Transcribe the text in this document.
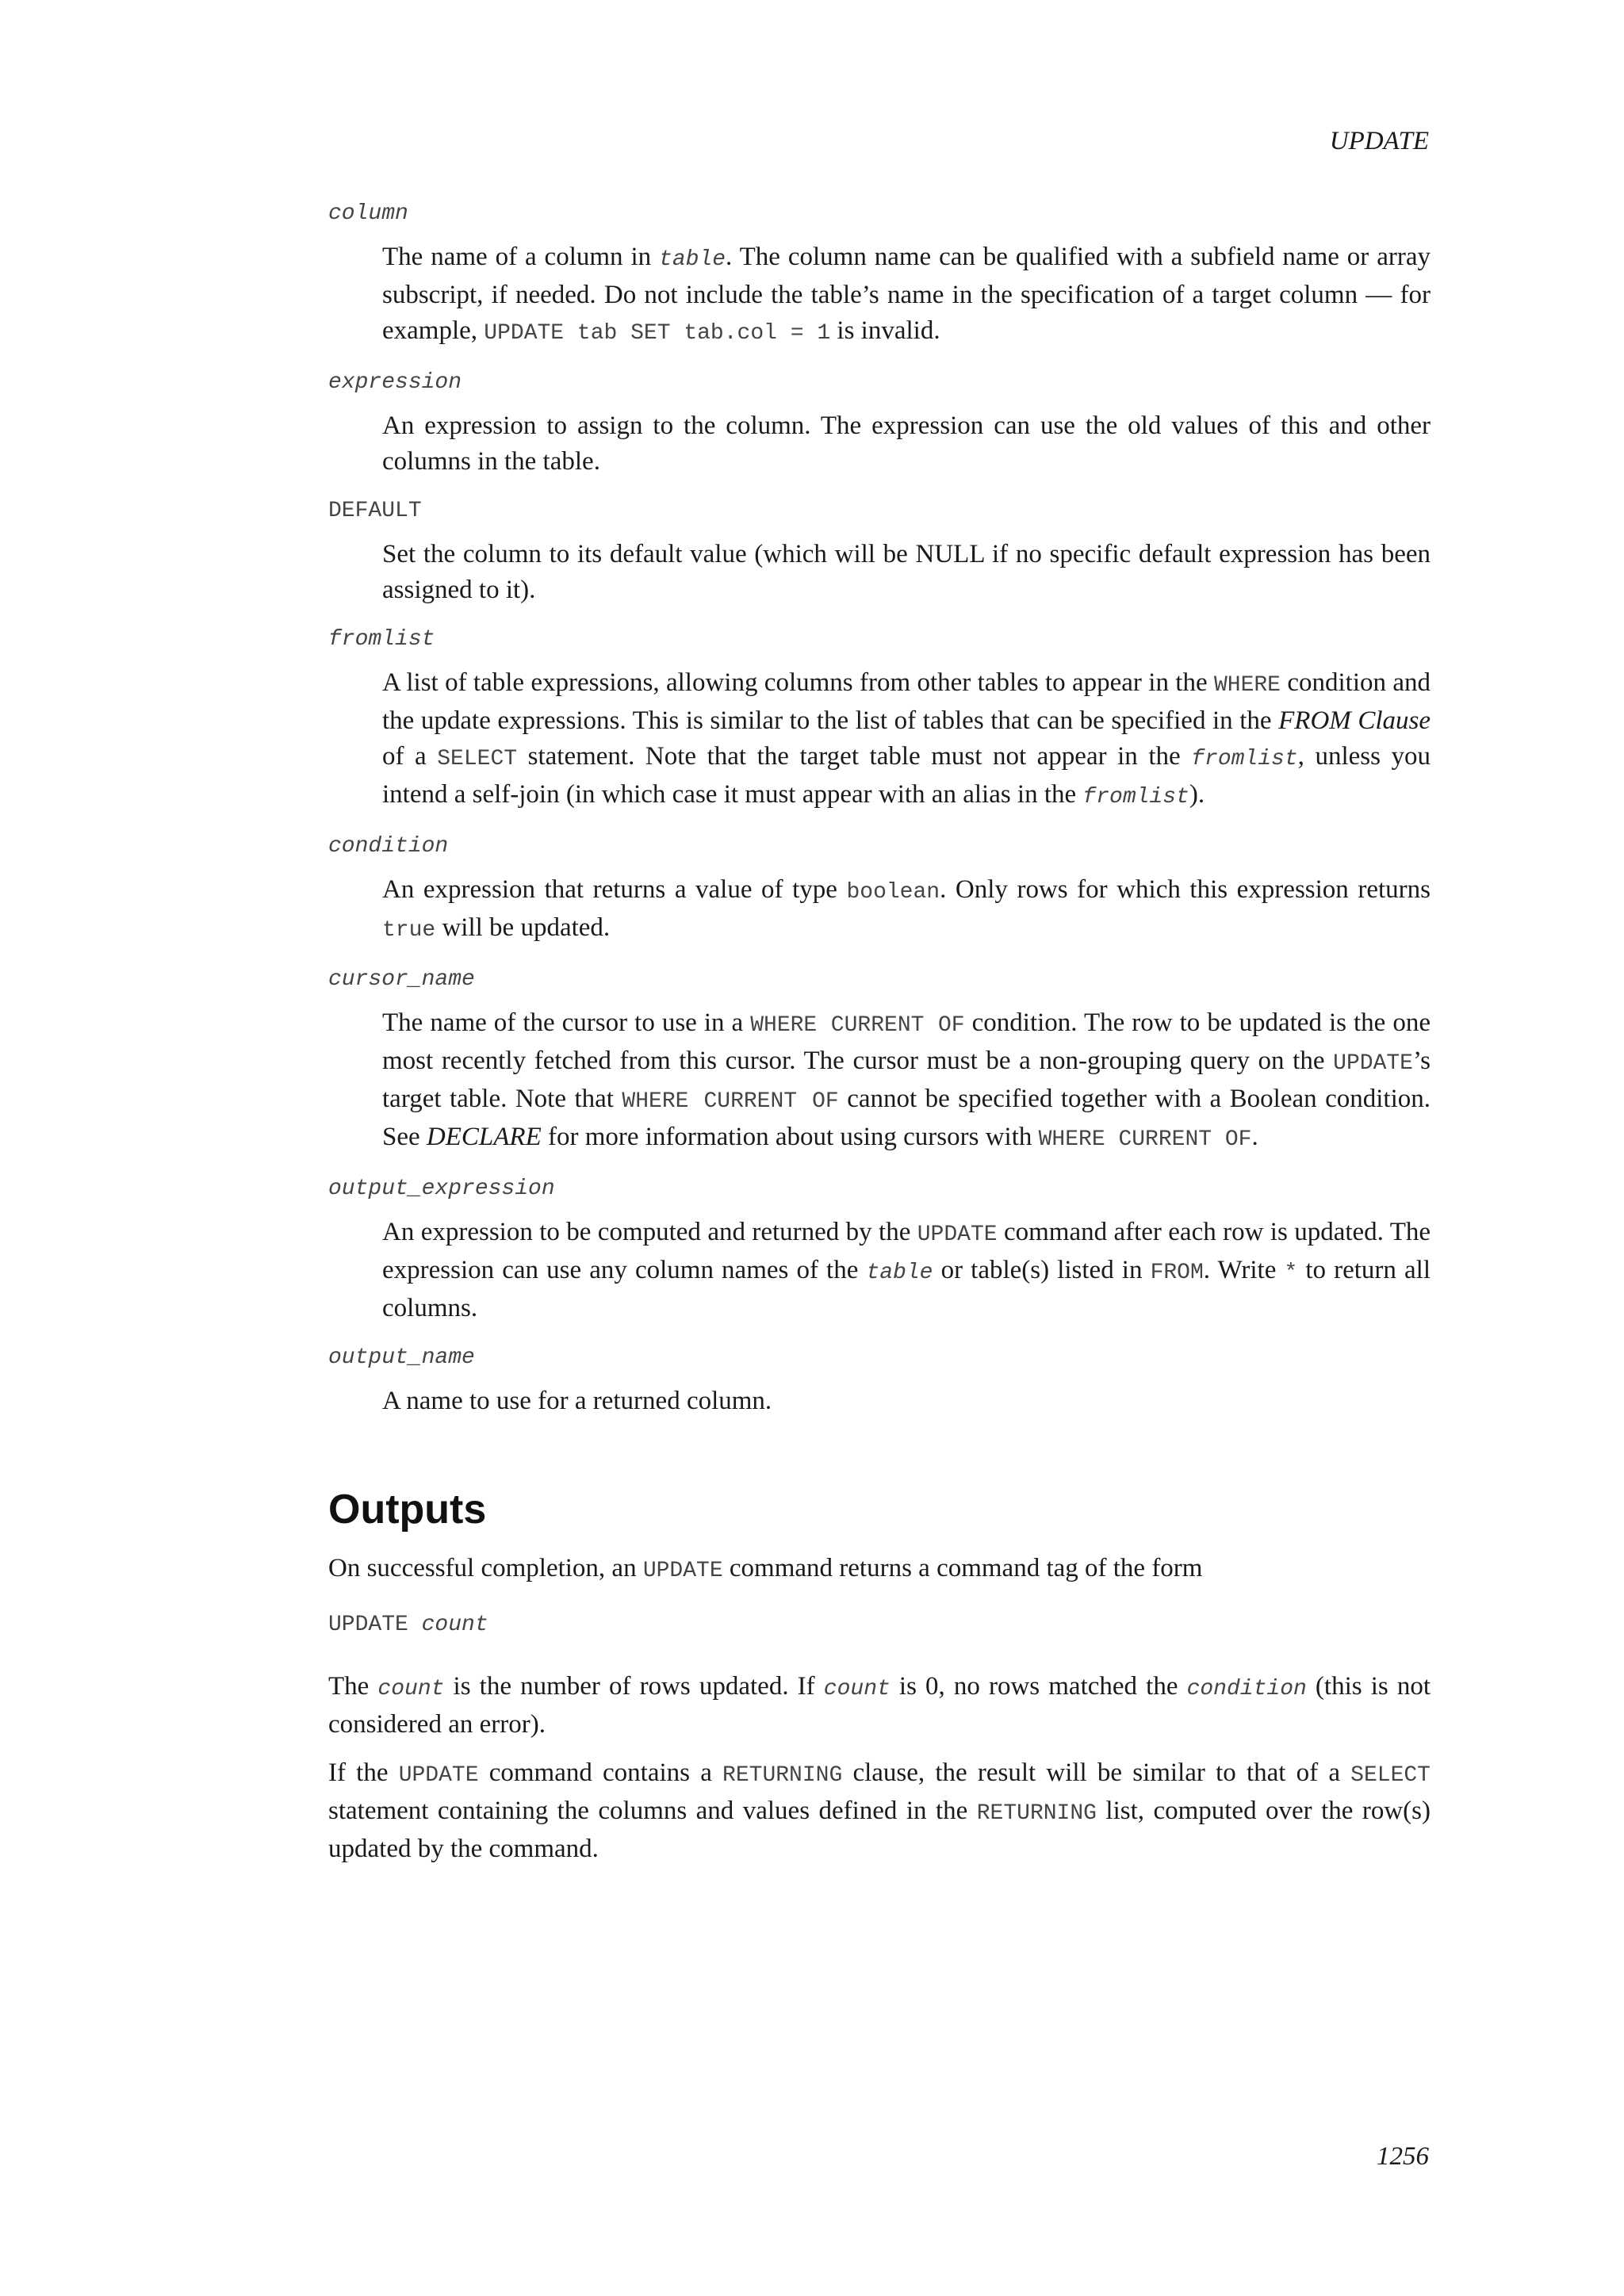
UPDATE
column
The name of a column in table. The column name can be qualified with a subfield name or array subscript, if needed. Do not include the table’s name in the specification of a target column — for example, UPDATE tab SET tab.col = 1 is invalid.
expression
An expression to assign to the column. The expression can use the old values of this and other columns in the table.
DEFAULT
Set the column to its default value (which will be NULL if no specific default expression has been assigned to it).
fromlist
A list of table expressions, allowing columns from other tables to appear in the WHERE condition and the update expressions. This is similar to the list of tables that can be specified in the FROM Clause of a SELECT statement. Note that the target table must not appear in the fromlist, unless you intend a self-join (in which case it must appear with an alias in the fromlist).
condition
An expression that returns a value of type boolean. Only rows for which this expression returns true will be updated.
cursor_name
The name of the cursor to use in a WHERE CURRENT OF condition. The row to be updated is the one most recently fetched from this cursor. The cursor must be a non-grouping query on the UPDATE’s target table. Note that WHERE CURRENT OF cannot be specified together with a Boolean condition. See DECLARE for more information about using cursors with WHERE CURRENT OF.
output_expression
An expression to be computed and returned by the UPDATE command after each row is updated. The expression can use any column names of the table or table(s) listed in FROM. Write * to return all columns.
output_name
A name to use for a returned column.
Outputs

On successful completion, an UPDATE command returns a command tag of the form

UPDATE count

The count is the number of rows updated. If count is 0, no rows matched the condition (this is not considered an error).

If the UPDATE command contains a RETURNING clause, the result will be similar to that of a SELECT statement containing the columns and values defined in the RETURNING list, computed over the row(s) updated by the command.

1256
